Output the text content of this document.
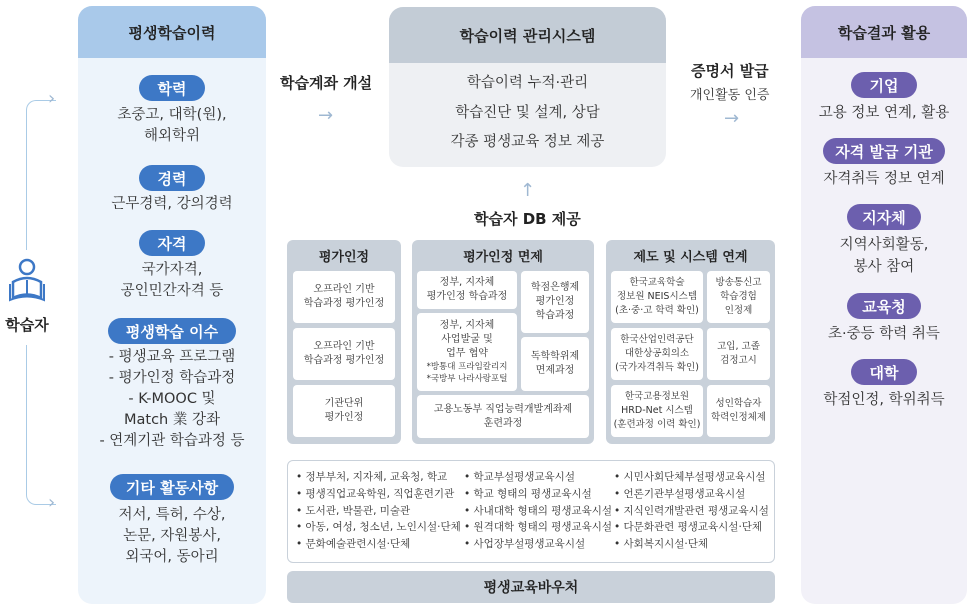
학습자
›
›
평생학습이력
학력
초중고, 대학(원),
해외학위
경력
근무경력, 강의경력
자격
국가자격,
공인민간자격 등
평생학습 이수
- 평생교육 프로그램
- 평가인정 학습과정
- K-MOOC 및
Match 業 강좌
- 연계기관 학습과정 등
기타 활동사항
저서, 특허, 수상,
논문, 자원봉사,
외국어, 동아리
학습계좌 개설
→
증명서 발급
개인활동 인증
→
↑
학습자 DB 제공
학습이력 관리시스템
학습이력 누적·관리
학습진단 및 설계, 상담
각종 평생교육 정보 제공
학습결과 활용
기업
고용 정보 연계, 활용
자격 발급 기관
자격취득 정보 연계
지자체
지역사회활동,
봉사 참여
교육청
초·중등 학력 취득
대학
학점인정, 학위취득
평가인정
오프라인 기반
학습과정 평가인정
오프라인 기반
학습과정 평가인정
기관단위
평가인정
평가인정 면제
정부, 지자체
평가인정 학습과정
정부, 지자체
사업발굴 및
업무 협약
*방통대 프라임칼리지
*국방부 나라사랑포털
학점은행제
평가인정
학습과정
독학학위제
면제과정
고용노동부 직업능력개발계좌제
훈련과정
제도 및 시스템 연계
한국교육학술
정보원 NEIS시스템
(초·중·고 학력 확인)
방송통신고
학습경험
인정제
한국산업인력공단
대한상공회의소
(국가자격취득 확인)
고입, 고졸
검정고시
한국고용정보원
HRD-Net 시스템
(훈련과정 이력 확인)
성인학습자
학력인정체제
• 정부부처, 지자체, 교육청, 학교
• 평생직업교육학원, 직업훈련기관
• 도서관, 박물관, 미술관
• 아동, 여성, 청소년, 노인시설·단체
• 문화예술관련시설·단체
• 학교부설평생교육시설
• 학교 형태의 평생교육시설
• 사내대학 형태의 평생교육시설
• 원격대학 형태의 평생교육시설
• 사업장부설평생교육시설
• 시민사회단체부설평생교육시설
• 언론기관부설평생교육시설
• 지식인력개발관련 평생교육시설
• 다문화관련 평생교육시설·단체
• 사회복지시설·단체
평생교육바우처
